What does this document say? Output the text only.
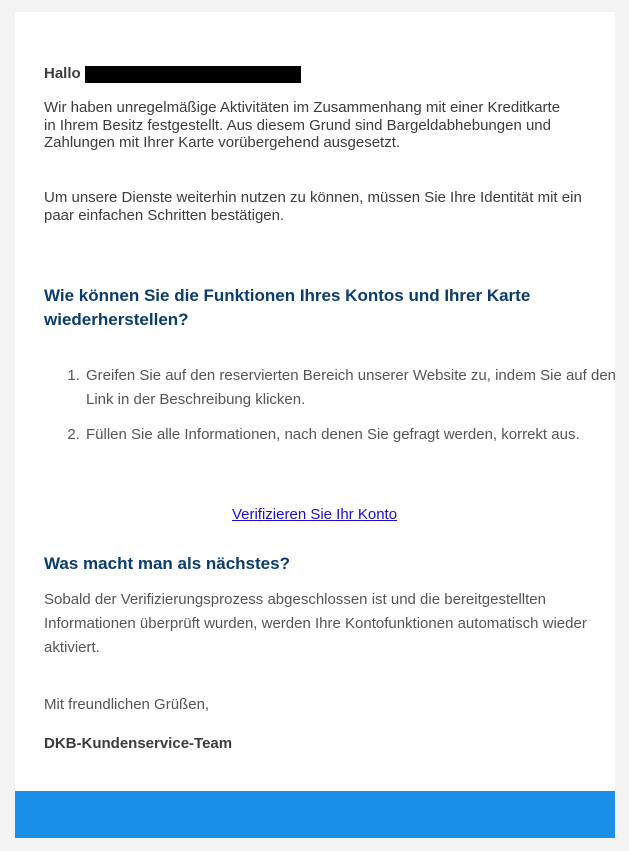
Hallo

Wir haben unregelmäßige Aktivitäten im Zusammenhang mit einer Kreditkarte in Ihrem Besitz festgestellt. Aus diesem Grund sind Bargeldabhebungen und Zahlungen mit Ihrer Karte vorübergehend ausgesetzt.

Um unsere Dienste weiterhin nutzen zu können, müssen Sie Ihre Identität mit ein paar einfachen Schritten bestätigen.

Wie können Sie die Funktionen Ihres Kontos und Ihrer Karte wiederherstellen?
1. Greifen Sie auf den reservierten Bereich unserer Website zu, indem Sie auf den Link in der Beschreibung klicken.
2. Füllen Sie alle Informationen, nach denen Sie gefragt werden, korrekt aus.
Verifizieren Sie Ihr Konto
Was macht man als nächstes?

Sobald der Verifizierungsprozess abgeschlossen ist und die bereitgestellten Informationen überprüft wurden, werden Ihre Kontofunktionen automatisch wieder aktiviert.

Mit freundlichen Grüßen,

DKB-Kundenservice-Team
